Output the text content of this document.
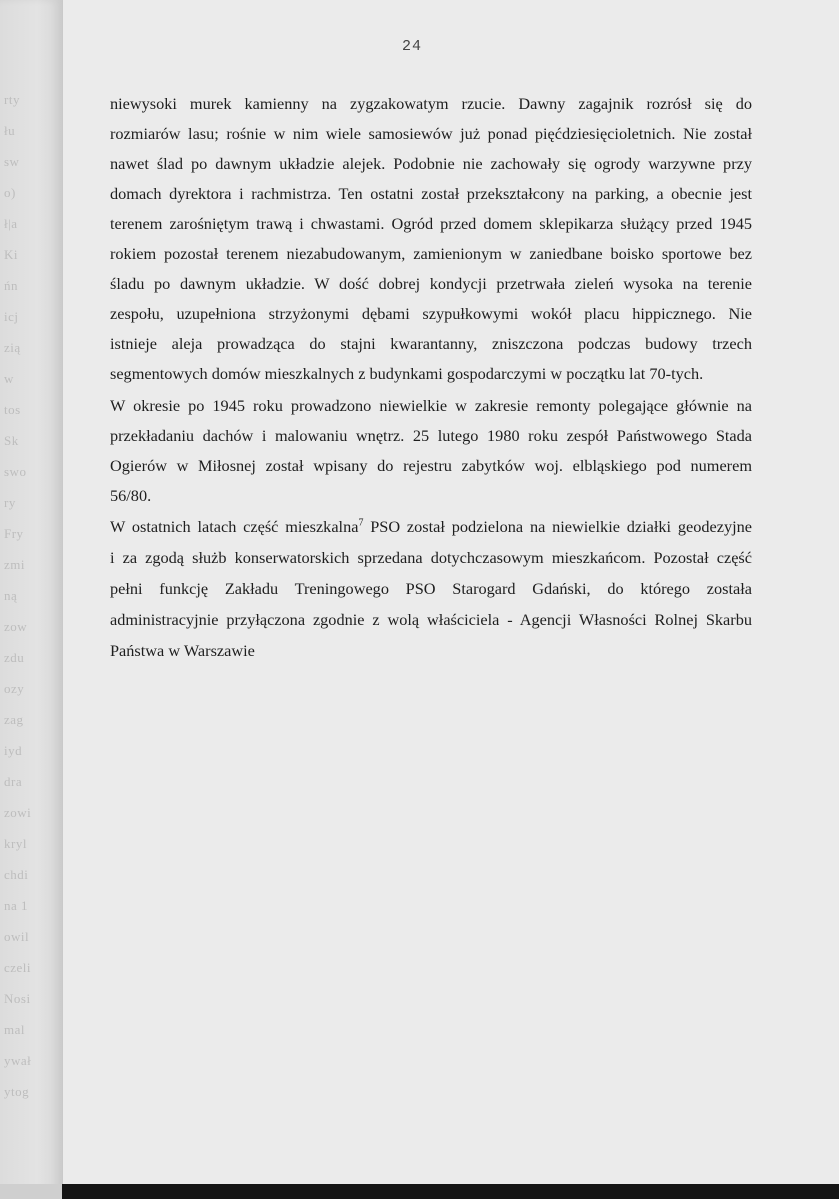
rty
łu
sw
o)
ł|a
Ki
ńn
icj
zią
w
tos
Sk
swo
ry
Fry
zmi
ną
zow
zdu
ozy
zag
iyd
dra
zowi
kryl
chdi
na 1
owil
czeli
Nosi
mal
ywał
ytog
24
niewysoki murek kamienny na zygzakowatym rzucie. Dawny zagajnik rozrósł się do
rozmiarów lasu; rośnie w nim wiele samosiewów już ponad pięćdziesięcioletnich. Nie został
nawet ślad po dawnym układzie alejek. Podobnie nie zachowały się ogrody warzywne przy
domach dyrektora i rachmistrza. Ten ostatni został przekształcony na parking, a obecnie jest
terenem zarośniętym trawą i chwastami. Ogród przed domem sklepikarza służący przed 1945
rokiem pozostał terenem niezabudowanym, zamienionym w zaniedbane boisko sportowe bez
śladu po dawnym układzie. W dość dobrej kondycji przetrwała zieleń wysoka na terenie
zespołu, uzupełniona strzyżonymi dębami szypułkowymi wokół placu hippicznego. Nie
istnieje aleja prowadząca do stajni kwarantanny, zniszczona podczas budowy trzech
segmentowych domów mieszkalnych z budynkami gospodarczymi w początku lat 70-tych.
W okresie po 1945 roku prowadzono niewielkie w zakresie remonty polegające głównie na
przekładaniu dachów i malowaniu wnętrz. 25 lutego 1980 roku zespół Państwowego Stada
Ogierów w Miłosnej został wpisany do rejestru zabytków woj. elbląskiego pod numerem
56/80.
W ostatnich latach część mieszkalna$^7$ PSO został podzielona na niewielkie działki geodezyjne
i za zgodą służb konserwatorskich sprzedana dotychczasowym mieszkańcom. Pozostał część
pełni funkcję Zakładu Treningowego PSO Starogard Gdański, do którego została
administracyjnie przyłączona zgodnie z wolą właściciela - Agencji Własności Rolnej Skarbu
Państwa w Warszawie
